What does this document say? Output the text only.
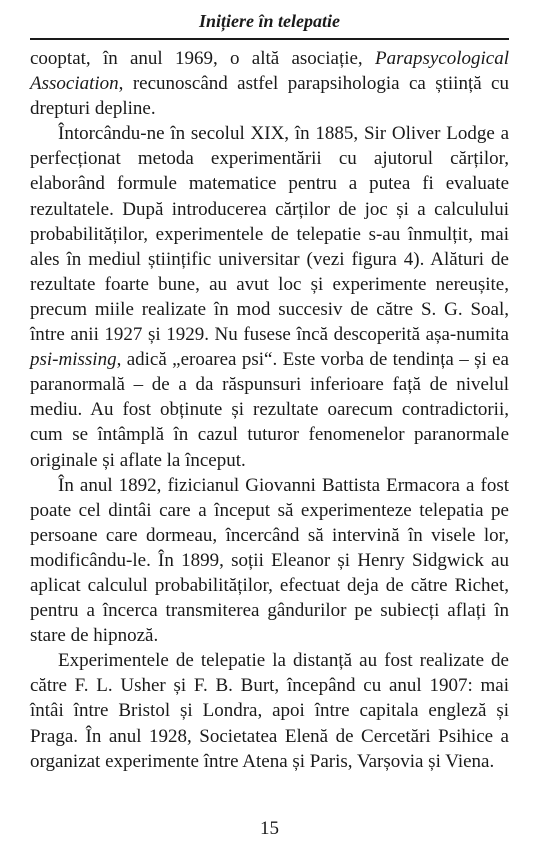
Inițiere în telepatie

cooptat, în anul 1969, o altă asociație, Parapsycological Association, recunoscând astfel parapsihologia ca știință cu drepturi depline.

Întorcându-ne în secolul XIX, în 1885, Sir Oliver Lodge a perfecționat metoda experimentării cu ajutorul cărților, elaborând formule matematice pentru a putea fi evaluate rezultatele. După introducerea cărților de joc și a calculului probabilităților, experimentele de telepatie s-au înmulțit, mai ales în mediul științific universitar (vezi figura 4). Alături de rezultate foarte bune, au avut loc și experimente nereușite, precum miile realizate în mod succesiv de către S. G. Soal, între anii 1927 și 1929. Nu fusese încă descoperită așa-numita psi-missing, adică „eroarea psi“. Este vorba de tendința – și ea paranormală – de a da răspunsuri inferioare față de nivelul mediu. Au fost obținute și rezultate oarecum contradictorii, cum se întâmplă în cazul tuturor fenomenelor paranormale originale și aflate la început.

În anul 1892, fizicianul Giovanni Battista Ermacora a fost poate cel dintâi care a început să experimenteze telepatia pe persoane care dormeau, încercând să intervină în visele lor, modificându-le. În 1899, soții Eleanor și Henry Sidgwick au aplicat calculul probabilităților, efectuat deja de către Richet, pentru a încerca transmiterea gândurilor pe subiecți aflați în stare de hipnoză.

Experimentele de telepatie la distanță au fost realizate de către F. L. Usher și F. B. Burt, începând cu anul 1907: mai întâi între Bristol și Londra, apoi între capitala engleză și Praga. În anul 1928, Societatea Elenă de Cercetări Psihice a organizat experimente între Atena și Paris, Varșovia și Viena.

15
